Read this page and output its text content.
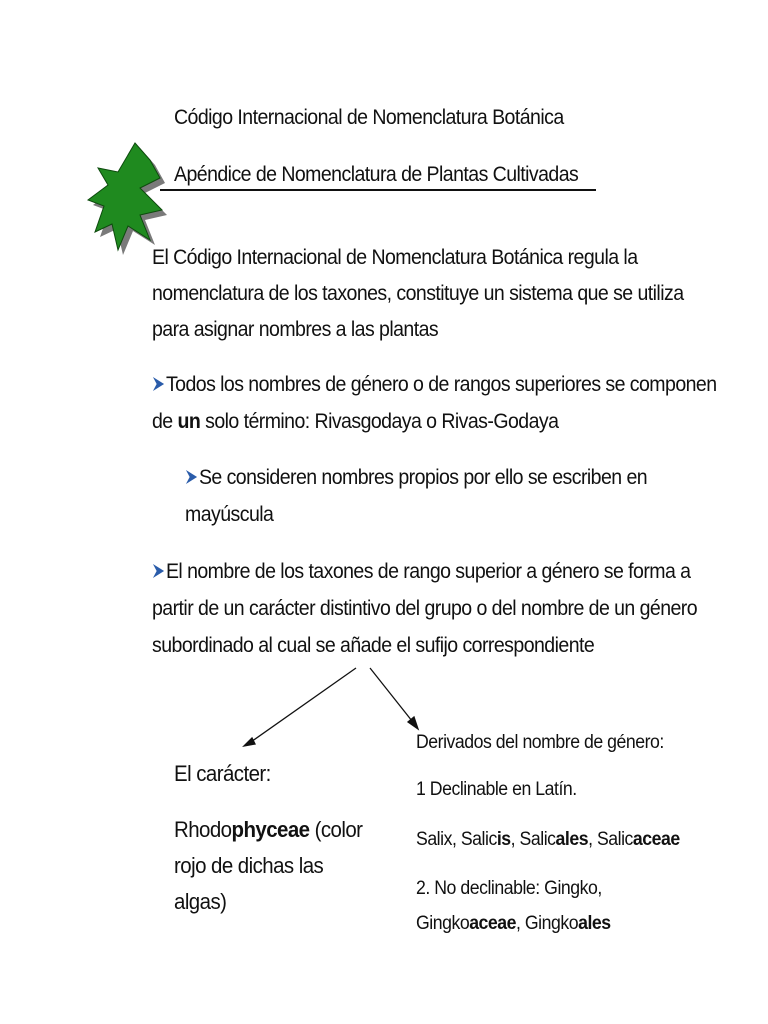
Código Internacional de Nomenclatura Botánica
Apéndice de Nomenclatura de Plantas Cultivadas
El Código Internacional de Nomenclatura Botánica regula la
nomenclatura de los taxones, constituye un sistema que se utiliza
para asignar nombres a las plantas
Todos los nombres de género o de rangos superiores se componen
de un solo término: Rivasgodaya o Rivas-Godaya
Se consideren nombres propios por ello se escriben en
mayúscula
El nombre de los taxones de rango superior a género se forma a
partir de un carácter distintivo del grupo o del nombre de un género
subordinado al cual se añade el sufijo correspondiente
El carácter:
Rhodophyceae (color
rojo de dichas las
algas)
Derivados del nombre de género:
1 Declinable en Latín.
Salix, Salicis, Salicales, Salicaceae
2. No declinable: Gingko,
Gingkoaceae, Gingkoales
